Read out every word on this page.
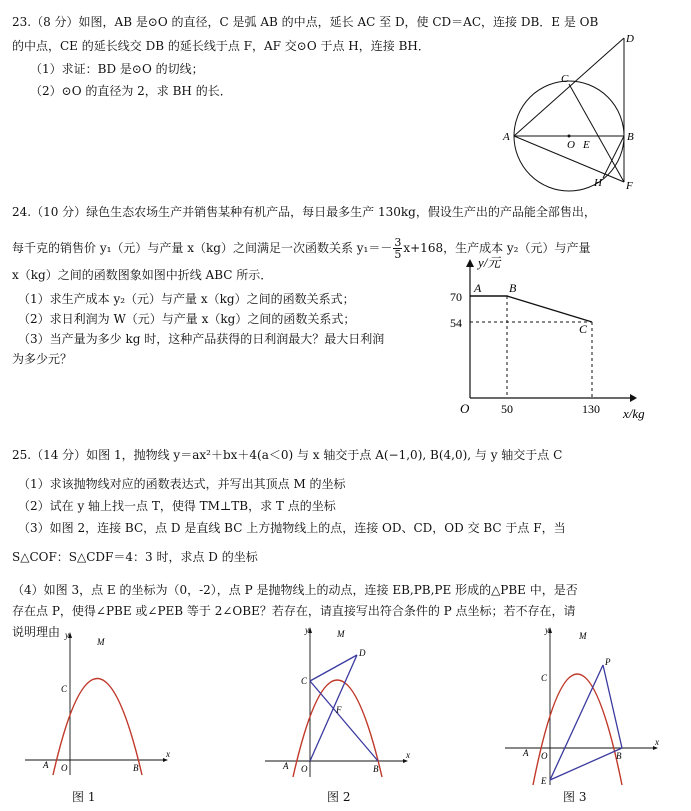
23.（8 分）如图，AB 是⊙O 的直径，C 是弧 AB 的中点，延长 AC 至 D，使 CD＝AC，连接 DB．E 是 OB
的中点，CE 的延长线交 DB 的延长线于点 F，AF 交⊙O 于点 H，连接 BH．
（1）求证：BD 是⊙O 的切线；
（2）⊙O 的直径为 2，求 BH 的长．
A	B
C
D
E
F
H
O
24.（10 分）绿色生态农场生产并销售某种有机产品，每日最多生产 130kg，假设生产出的产品能全部售出，
每千克的销售价 y₁（元）与产量 x（kg）之间满足一次函数关系 $y_1=- \frac{3}{5} x+168$，生产成本 y₂（元）与产量
x（kg）之间的函数图象如图中折线 ABC 所示．
（1）求生产成本 y₂（元）与产量 x（kg）之间的函数关系式；
（2）求日利润为 W（元）与产量 x（kg）之间的函数关系式；
（3）当产量为多少 kg 时，这种产品获得的日利润最大？最大日利润
为多少元？
y/元
x/kg
O
70
54
50	130
A B
C
25.（14 分）如图 1，抛物线 y＝ax²＋bx＋4(a＜0) 与 x 轴交于点 A(−1,0), B(4,0), 与 y 轴交于点 C
（1）求该抛物线对应的函数表达式，并写出其顶点 M 的坐标
（2）试在 y 轴上找一点 T，使得 TM⊥TB，求 T 点的坐标
（3）如图 2，连接 BC，点 D 是直线 BC 上方抛物线上的点，连接 OD、CD，OD 交 BC 于点 F，当
S△COF：S△CDF＝4：3 时，求点 D 的坐标
（4）如图 3，点 E 的坐标为（0，-2），点 P 是抛物线上的动点，连接 EB,PB,PE 形成的△PBE 中，是否
存在点 P，使得∠PBE 或∠PEB 等于 2∠OBE？若存在，请直接写出符合条件的 P 点坐标；若不存在，请
说明理由 y
x
O
A	B
C
M
图 1
y
x
O
A	B
C
M
D
F
图 2
y
x
O
A	B
C
M
P
E
图 3
